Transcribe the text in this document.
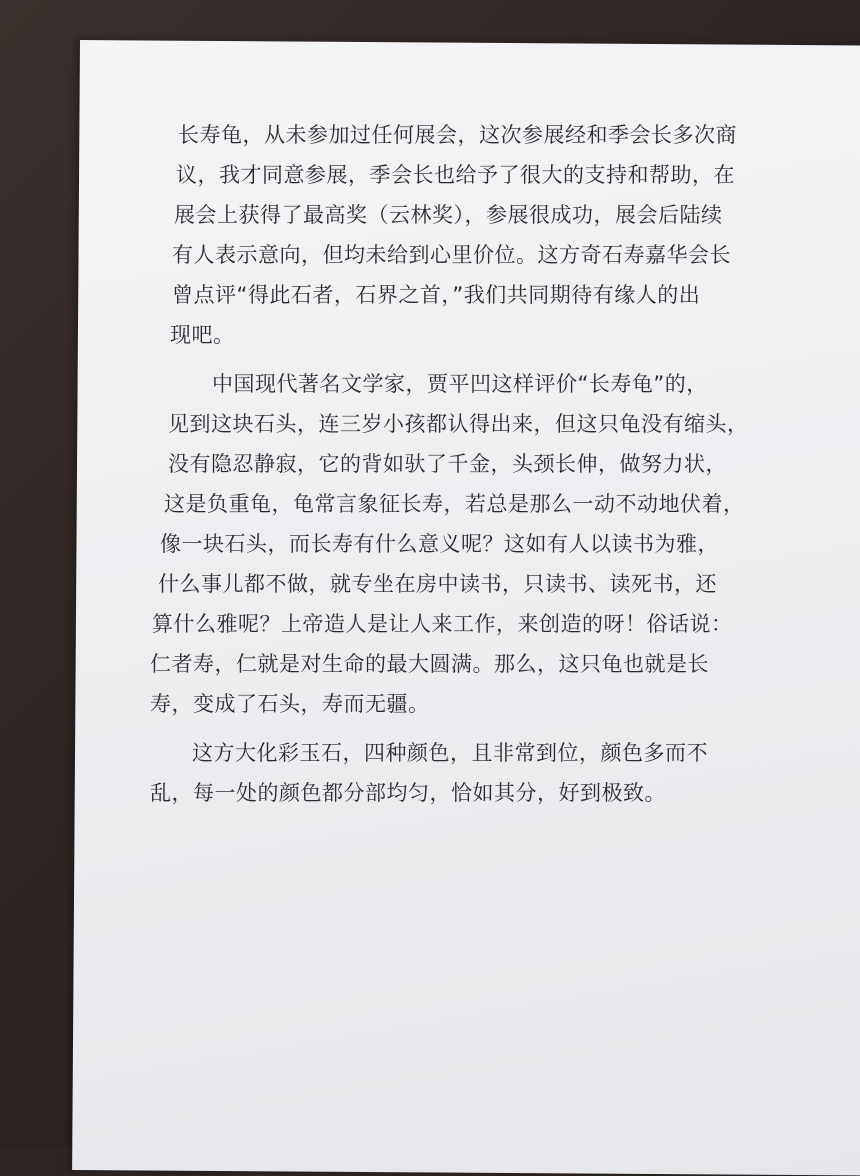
长寿龟，从未参加过任何展会，这次参展经和季会长多次商
议，我才同意参展，季会长也给予了很大的支持和帮助，在
展会上获得了最高奖（云林奖），参展很成功，展会后陆续
有人表示意向，但均未给到心里价位。这方奇石寿嘉华会长
曾点评“得此石者，石界之首，”我们共同期待有缘人的出
现吧。
中国现代著名文学家，贾平凹这样评价“长寿龟”的，
见到这块石头，连三岁小孩都认得出来，但这只龟没有缩头，
没有隐忍静寂，它的背如驮了千金，头颈长伸，做努力状，
这是负重龟，龟常言象征长寿，若总是那么一动不动地伏着，
像一块石头，而长寿有什么意义呢？这如有人以读书为雅，
什么事儿都不做，就专坐在房中读书，只读书、读死书，还
算什么雅呢？上帝造人是让人来工作，来创造的呀！俗话说：
仁者寿，仁就是对生命的最大圆满。那么，这只龟也就是长
寿，变成了石头，寿而无疆。
这方大化彩玉石，四种颜色，且非常到位，颜色多而不
乱，每一处的颜色都分部均匀，恰如其分，好到极致。
